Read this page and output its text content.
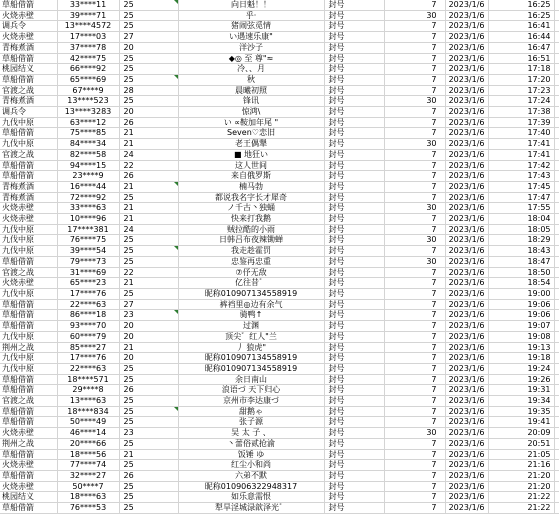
草船借箭	33****11	25	向日魁！！	封号	7	2023/1/6	16:25	
火烧赤壁	39****71	25	乎·	封号	30	2023/1/6	16:25	
调兵令	13****4572	25	猪闹弦觅情	封号	7	2023/1/6	16:41	
火烧赤壁	17****03	27	い遇速乐康"	封号	7	2023/1/6	16:44	
青梅煮酒	37****78	20	洋沙子	封号	7	2023/1/6	16:47	
草船借箭	42****75	25	◆◎ 至 尊"≈	封号	7	2023/1/6	16:51	
桃园结义	66****92	25	冷、、月	封号	7	2023/1/6	17:18	
草船借箭	65****69	25	秋	封号	7	2023/1/6	17:20	
官渡之战	67****9	28	晨曦初照	封号	7	2023/1/6	17:23	
青梅煮酒	13****523	25	锋讯	封号	30	2023/1/6	17:24	
调兵令	13****3283	20	惊鸿\	封号	7	2023/1/6	17:38	
九伐中原	63****12	26	い ∝鞍加年尾 "	封号	7	2023/1/6	17:39	
草船借箭	75****85	21	Seven♡恋旧	封号	7	2023/1/6	17:40	
九伐中原	84****34	21	老王偶犟	封号	30	2023/1/6	17:41	
官渡之战	82****58	24	■ 地狂い	封号	7	2023/1/6	17:41	
草船借箭	94****15	22	这人世间	封号	7	2023/1/6	17:42	
草船借箭	23****9	26	来自俄罗斯	封号	7	2023/1/6	17:43	
青梅煮酒	16****44	21	楠马勃	封号	7	2023/1/6	17:45	
青梅煮酒	72****92	25	都说我名字长才犀奇	封号	7	2023/1/6	17:47	
火烧赤壁	33****63	21	ノ千古丶独蛹	封号	30	2023/1/6	17:55	
火烧赤壁	10****96	21	快来打我鹅	封号	7	2023/1/6	18:04	
九伐中原	17****381	24	贼拉酷的小雨	封号	7	2023/1/6	18:05	
九伐中原	76****75	25	日韩吕布夜辣锄蝉	封号	30	2023/1/6	18:29	
九伐中原	39****54	25	我走趁霍罚	封号	7	2023/1/6	18:43	
草船借箭	79****73	25	忠鉴再忠重	封号	30	2023/1/6	18:47	
官渡之战	31****69	22	⑦伃无敌	封号	7	2023/1/6	18:50	
火烧赤壁	65****23	21	亿往昔゛	封号	7	2023/1/6	18:54	
九伐中原	17****76	25	昵称01090713455891​9	封号	7	2023/1/6	19:00	
草船借箭	22****63	27	裤裆里◎边有余气	封号	7	2023/1/6	19:06	
草船借箭	86****18	23	骑鸭↑	封号	7	2023/1/6	19:06	
草船借箭	93****70	20	过渊	封号	7	2023/1/6	19:07	
九伐中原	60****79	20	顶尖゛红人"兰	封号	7	2023/1/6	19:08	
荆州之战	85****27	21	丿 狼虎"	封号	7	2023/1/6	19:13	
九伐中原	17****76	20	昵称01090713455891​9	封号	7	2023/1/6	19:18	
九伐中原	22****63	25	昵称01090713455891​9	封号	7	2023/1/6	19:24	
草船借箭	18****571	25	余日南山	封号	7	2023/1/6	19:26	
草船借箭	29****8	26	浪语づ 天下归心	封号	7	2023/1/6	19:31	
官渡之战	13****63	25	京州市李达康づ	封号	7	2023/1/6	19:34	
草船借箭	18****834	25	甜鹅ゃ	封号	7	2023/1/6	19:35	
草船借箭	50****49	25	张子源	封号	7	2023/1/6	19:41	
火烧赤壁	46****14	23	吴 太 子 、	封号	30	2023/1/6	20:09	
荆州之战	20****66	25	丶蕾俗贰抢渝	封号	7	2023/1/6	20:51	
草船借箭	18****56	21	饭锤 ゆ	封号	7	2023/1/6	21:05	
火烧赤壁	77****74	25	红尘小和尚	封号	7	2023/1/6	21:16	
草船借箭	32****27	26	六弟不默	封号	7	2023/1/6	21:20	
火烧赤壁	50****7	25	昵称01090632294831​7	封号	7	2023/1/6	21:20	
桃园结义	18****63	25	如乐意需恨	封号	7	2023/1/6	21:22	
草船借箭	76****53	25	犁旱淫城渌歆泽光゛	封号	7	2023/1/6	21:22	
